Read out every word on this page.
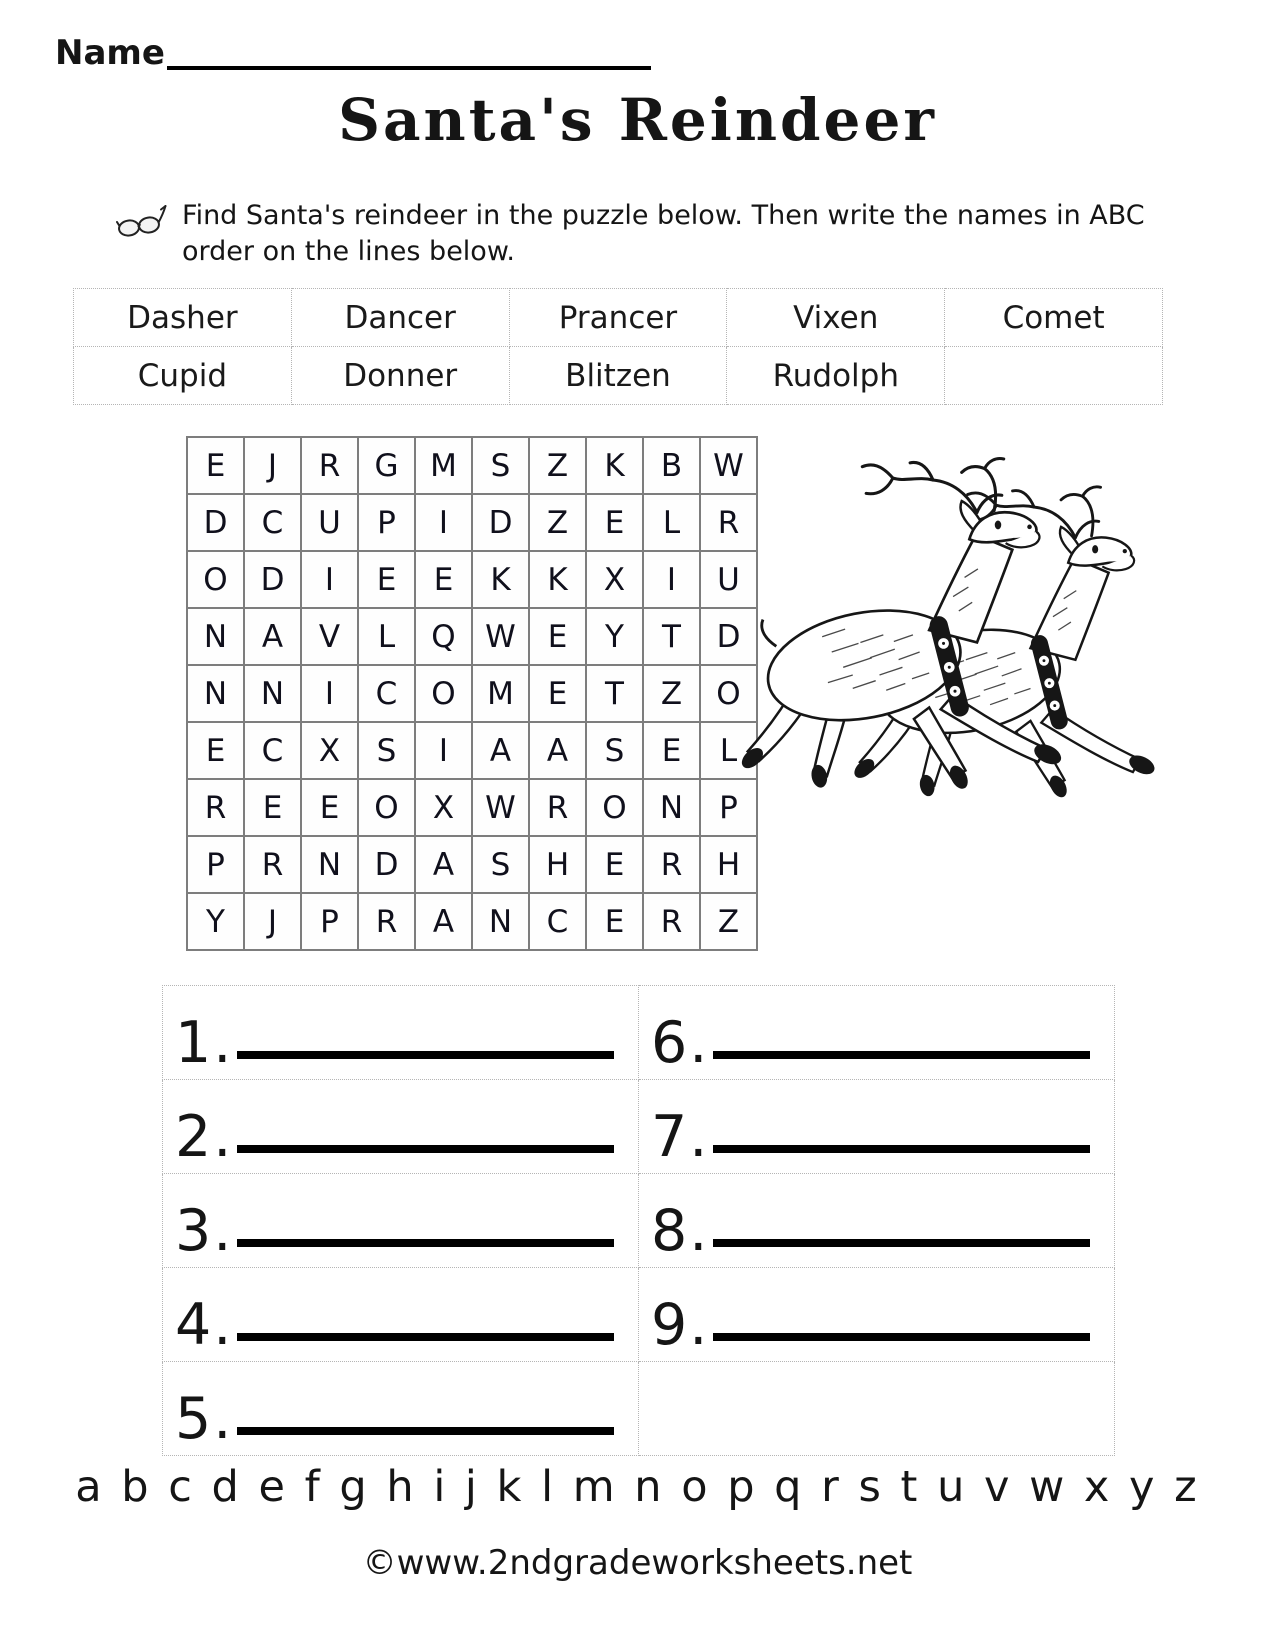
Name
Santa's Reindeer
Find Santa's reindeer in the puzzle below. Then write the names in ABC order on the lines below.
Dasher	Dancer	Prancer	Vixen	Comet
Cupid	Donner	Blitzen	Rudolph	
E	J	R	G	M	S	Z	K	B	W
D	C	U	P	I	D	Z	E	L	R
O	D	I	E	E	K	K	X	I	U
N	A	V	L	Q	W	E	Y	T	D
N	N	I	C	O	M	E	T	Z	O
E	C	X	S	I	A	A	S	E	L
R	E	E	O	X	W	R	O	N	P
P	R	N	D	A	S	H	E	R	H
Y	J	P	R	A	N	C	E	R	Z
1.	6.

2.	7.

3.	8.

4.	9.

5.	

a b c d e f g h i j k l m n o p q r s t u v w x y z
©www.2ndgradeworksheets.net
